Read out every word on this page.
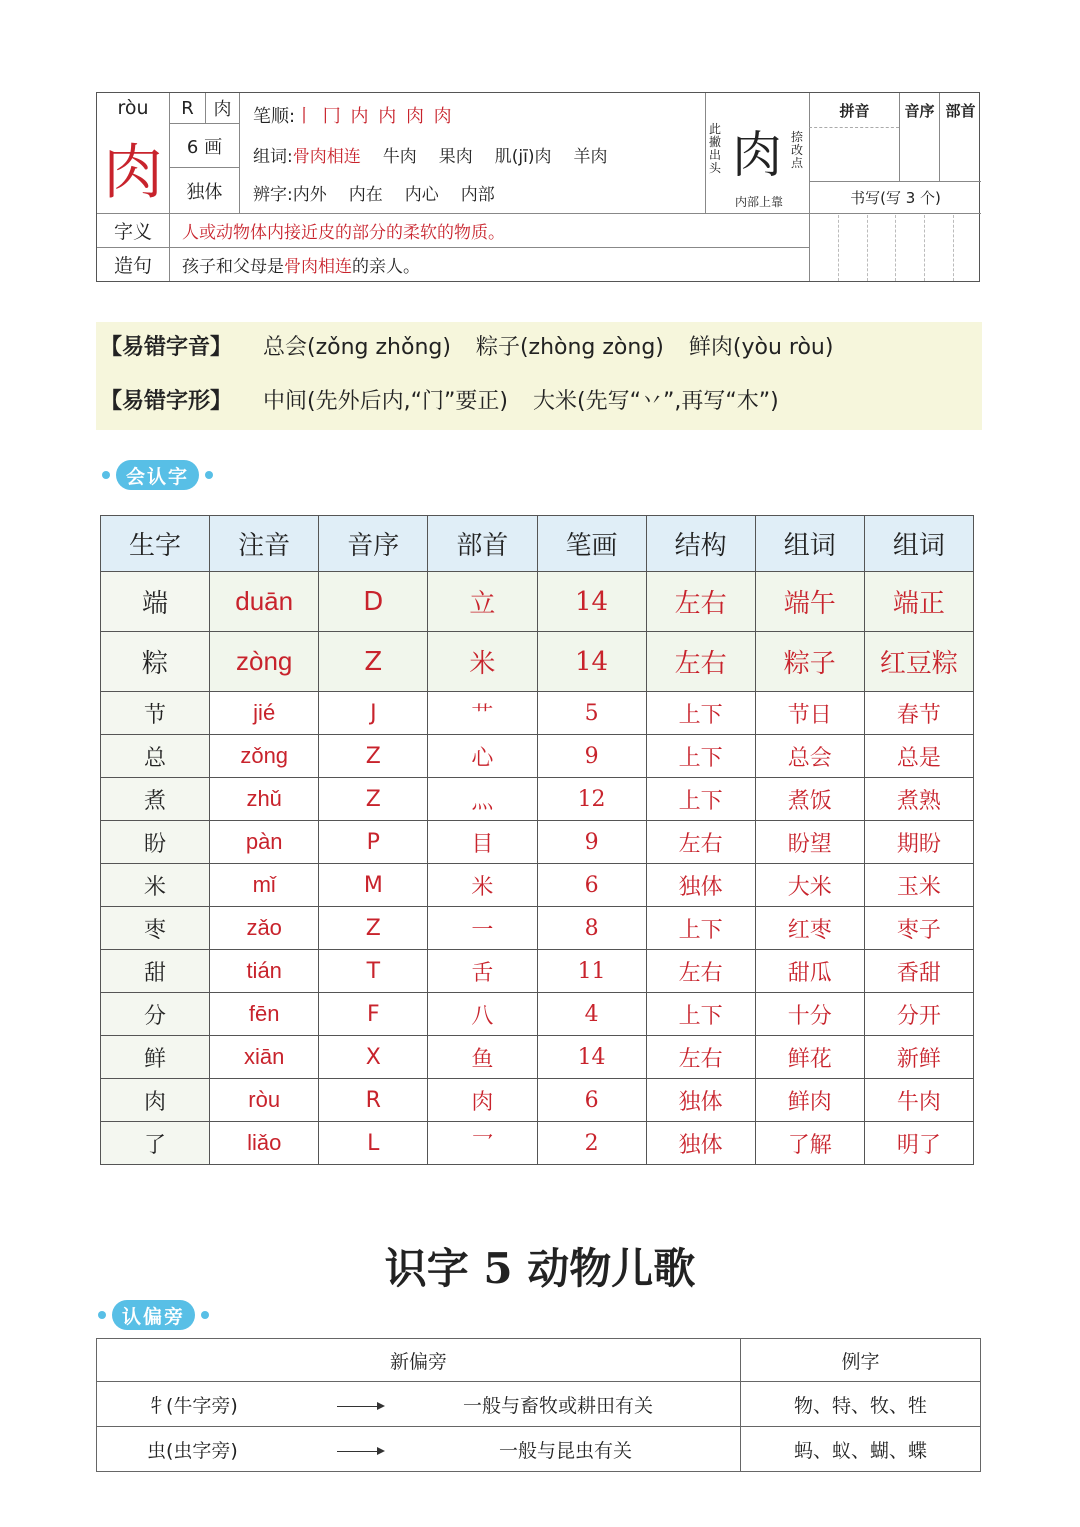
ròu
肉
R	肉
6 画
独体
笔顺: 丨 冂 内 内 肉 肉
组词: 骨肉相连 牛肉 果肉 肌(jī)肉 羊肉
辨字: 内外 内在 内心 内部
此撇出头
捺改点
肉
内部上靠
拼音	音序 部首
书写(写 3 个)
字义	人或动物体内接近皮的部分的柔软的物质。
造句	孩子和父母是 骨肉相连 的亲人。
【易错字音】 总会(zǒng zhǒng) 粽子(zhòng zòng) 鲜肉(yòu ròu)
【易错字形】 中间(先外后内,“门”要正) 大米(先写“丷”,再写“木”)
会认字
生字	注音	音序	部首	笔画	结构	组词	组词
端	duān	D	立	14	左右	端午	端正
粽	zòng	Z	米	14	左右	粽子	红豆粽
节	jié	J	艹	5	上下	节日	春节
总	zǒng	Z	心	9	上下	总会	总是
煮	zhǔ	Z	灬	12	上下	煮饭	煮熟
盼	pàn	P	目	9	左右	盼望	期盼
米	mǐ	M	米	6	独体	大米	玉米
枣	zǎo	Z	一	8	上下	红枣	枣子
甜	tián	T	舌	11	左右	甜瓜	香甜
分	fēn	F	八	4	上下	十分	分开
鲜	xiān	X	鱼	14	左右	鲜花	新鲜
肉	ròu	R	肉	6	独体	鲜肉	牛肉
了	liǎo	L	乛	2	独体	了解	明了
识字 5 动物儿歌
认偏旁
新偏旁	例字
牜(牛字旁) 一般与畜牧或耕田有关	物、特、牧、牲
虫(虫字旁) 一般与昆虫有关	蚂、蚁、蝴、蝶
